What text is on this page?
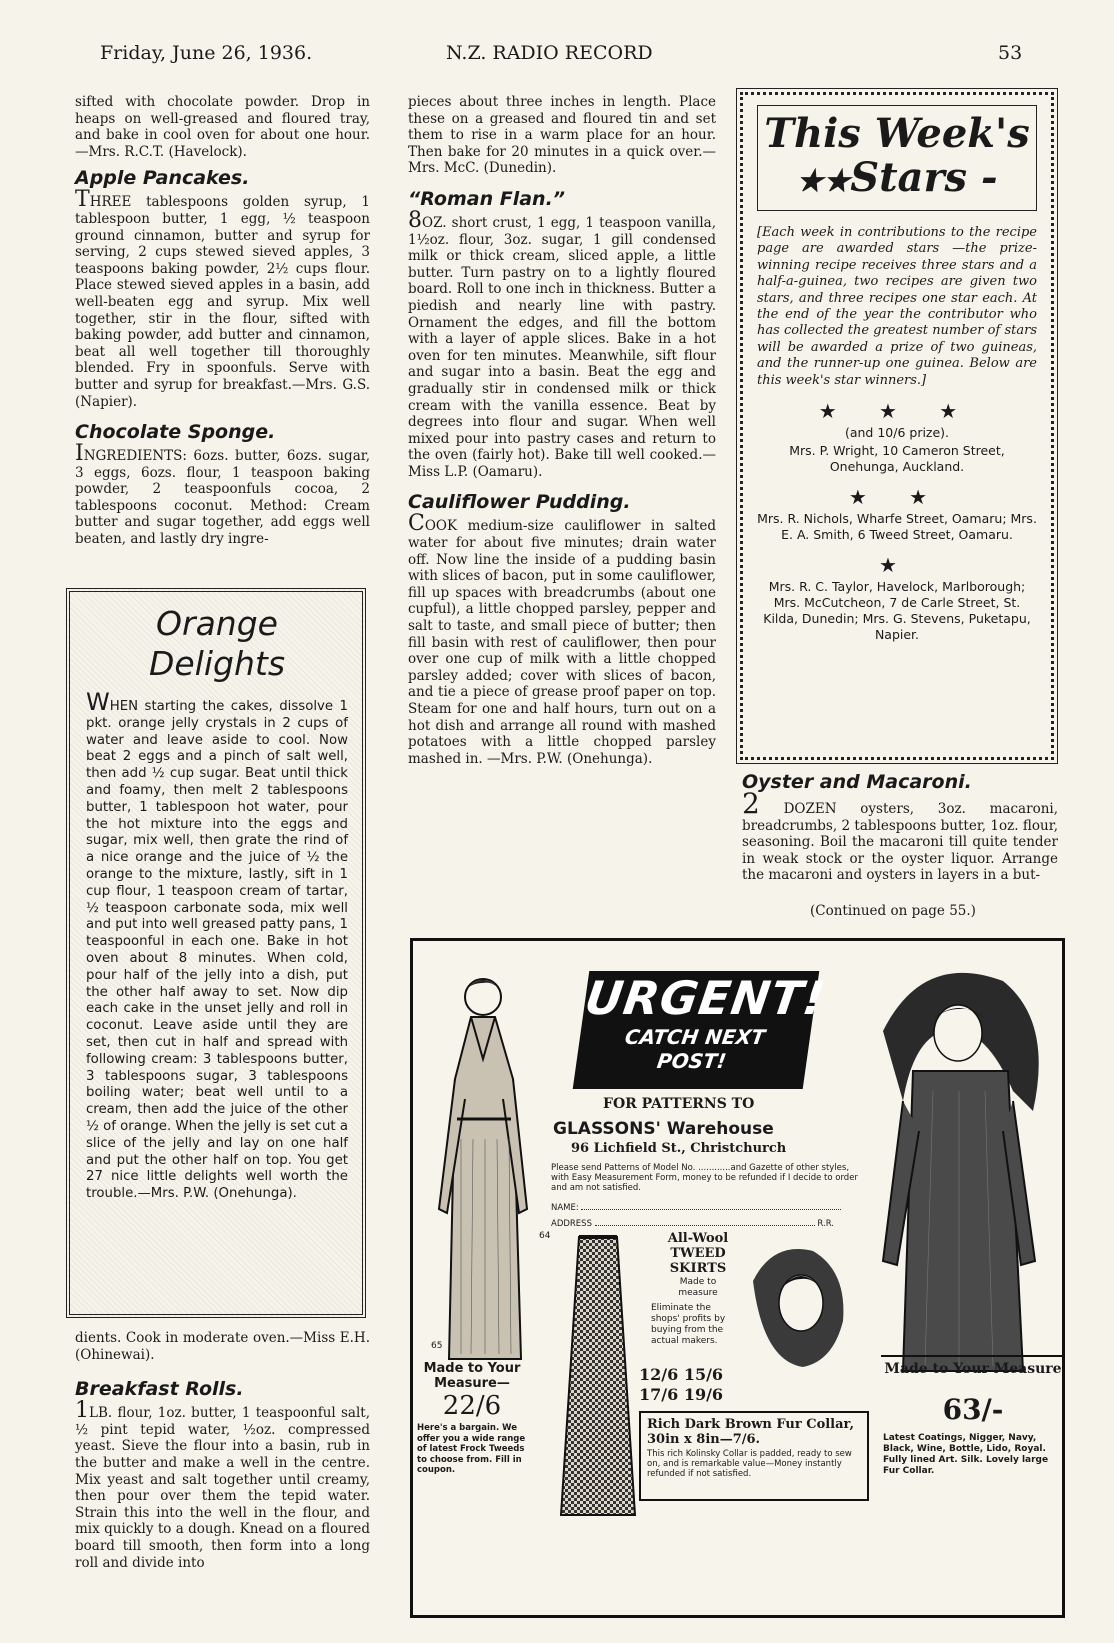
Friday, June 26, 1936.	N.Z. RADIO RECORD	53

sifted with chocolate powder. Drop in heaps on well-greased and floured tray, and bake in cool oven for about one hour.—Mrs. R.C.T. (Havelock).

Apple Pancakes.

THREE tablespoons golden syrup, 1 tablespoon butter, 1 egg, ½ teaspoon ground cinnamon, butter and syrup for serving, 2 cups stewed sieved apples, 3 teaspoons baking powder, 2½ cups flour. Place stewed sieved apples in a basin, add well-beaten egg and syrup. Mix well together, stir in the flour, sifted with baking powder, add butter and cinnamon, beat all well together till thoroughly blended. Fry in spoonfuls. Serve with butter and syrup for breakfast.—Mrs. G.S. (Napier).

Chocolate Sponge.

INGREDIENTS: 6ozs. butter, 6ozs. sugar, 3 eggs, 6ozs. flour, 1 teaspoon baking powder, 2 teaspoonfuls cocoa, 2 tablespoons coconut. Method: Cream butter and sugar together, add eggs well beaten, and lastly dry ingre-

Orange Delights

WHEN starting the cakes, dissolve 1 pkt. orange jelly crystals in 2 cups of water and leave aside to cool. Now beat 2 eggs and a pinch of salt well, then add ½ cup sugar. Beat until thick and foamy, then melt 2 tablespoons butter, 1 tablespoon hot water, pour the hot mixture into the eggs and sugar, mix well, then grate the rind of a nice orange and the juice of ½ the orange to the mixture, lastly, sift in 1 cup flour, 1 teaspoon cream of tartar, ½ teaspoon carbonate soda, mix well and put into well greased patty pans, 1 teaspoonful in each one. Bake in hot oven about 8 minutes. When cold, pour half of the jelly into a dish, put the other half away to set. Now dip each cake in the unset jelly and roll in coconut. Leave aside until they are set, then cut in half and spread with following cream: 3 tablespoons butter, 3 tablespoons sugar, 3 tablespoons boiling water; beat well until to a cream, then add the juice of the other ½ of orange. When the jelly is set cut a slice of the jelly and lay on one half and put the other half on top. You get 27 nice little delights well worth the trouble.—Mrs. P.W. (Onehunga).

dients. Cook in moderate oven.—Miss E.H. (Ohinewai).

Breakfast Rolls.

1LB. flour, 1oz. butter, 1 teaspoonful salt, ½ pint tepid water, ½oz. compressed yeast. Sieve the flour into a basin, rub in the butter and make a well in the centre. Mix yeast and salt together until creamy, then pour over them the tepid water. Strain this into the well in the flour, and mix quickly to a dough. Knead on a floured board till smooth, then form into a long roll and divide into

pieces about three inches in length. Place these on a greased and floured tin and set them to rise in a warm place for an hour. Then bake for 20 minutes in a quick over.—Mrs. McC. (Dunedin).

“Roman Flan.”

8OZ. short crust, 1 egg, 1 teaspoon vanilla, 1½oz. flour, 3oz. sugar, 1 gill condensed milk or thick cream, sliced apple, a little butter. Turn pastry on to a lightly floured board. Roll to one inch in thickness. Butter a piedish and nearly line with pastry. Ornament the edges, and fill the bottom with a layer of apple slices. Bake in a hot oven for ten minutes. Meanwhile, sift flour and sugar into a basin. Beat the egg and gradually stir in condensed milk or thick cream with the vanilla essence. Beat by degrees into flour and sugar. When well mixed pour into pastry cases and return to the oven (fairly hot). Bake till well cooked.—Miss L.P. (Oamaru).

Cauliflower Pudding.

COOK medium-size cauliflower in salted water for about five minutes; drain water off. Now line the inside of a pudding basin with slices of bacon, put in some cauliflower, fill up spaces with breadcrumbs (about one cupful), a little chopped parsley, pepper and salt to taste, and small piece of butter; then fill basin with rest of cauliflower, then pour over one cup of milk with a little chopped parsley added; cover with slices of bacon, and tie a piece of grease proof paper on top. Steam for one and half hours, turn out on a hot dish and arrange all round with mashed potatoes with a little chopped parsley mashed in. —Mrs. P.W. (Onehunga).

This Week's
★★Stars -

[Each week in contributions to the recipe page are awarded stars —the prize-winning recipe receives three stars and a half-a-guinea, two recipes are given two stars, and three recipes one star each. At the end of the year the contributor who has collected the greatest number of stars will be awarded a prize of two guineas, and the runner-up one guinea. Below are this week's star winners.]

★ ★ ★
(and 10/6 prize).
Mrs. P. Wright, 10 Cameron Street, Onehunga, Auckland.
★ ★
Mrs. R. Nichols, Wharfe Street, Oamaru; Mrs. E. A. Smith, 6 Tweed Street, Oamaru.
★
Mrs. R. C. Taylor, Havelock, Marlborough; Mrs. McCutcheon, 7 de Carle Street, St. Kilda, Dunedin; Mrs. G. Stevens, Puketapu, Napier.
Oyster and Macaroni.

2 DOZEN oysters, 3oz. macaroni, breadcrumbs, 2 tablespoons butter, 1oz. flour, seasoning. Boil the macaroni till quite tender in weak stock or the oyster liquor. Arrange the macaroni and oysters in layers in a but-

(Continued on page 55.)
65
Made to Your Measure—
22/6
Here's a bargain. We offer you a wide range of latest Frock Tweeds to choose from. Fill in coupon.
URGENT!
CATCH NEXT
POST!
FOR PATTERNS TO
GLASSONS' Warehouse
96 Lichfield St., Christchurch
Please send Patterns of Model No. ............and Gazette of other styles, with Easy Measurement Form, money to be refunded if I decide to order and am not satisfied.
NAME:
ADDRESS	R.R.
64	All-Wool TWEED SKIRTS
Made to measure
Eliminate the shops' profits by buying from the actual makers.
12/6 15/6
17/6 19/6
Rich Dark Brown Fur Collar, 30in x 8in—7/6.
This rich Kolinsky Collar is padded, ready to sew on, and is remarkable value—Money instantly refunded if not satisfied.
Made to Your Measure
63/-
Latest Coatings, Nigger, Navy, Black, Wine, Bottle, Lido, Royal. Fully lined Art. Silk. Lovely large Fur Collar.
